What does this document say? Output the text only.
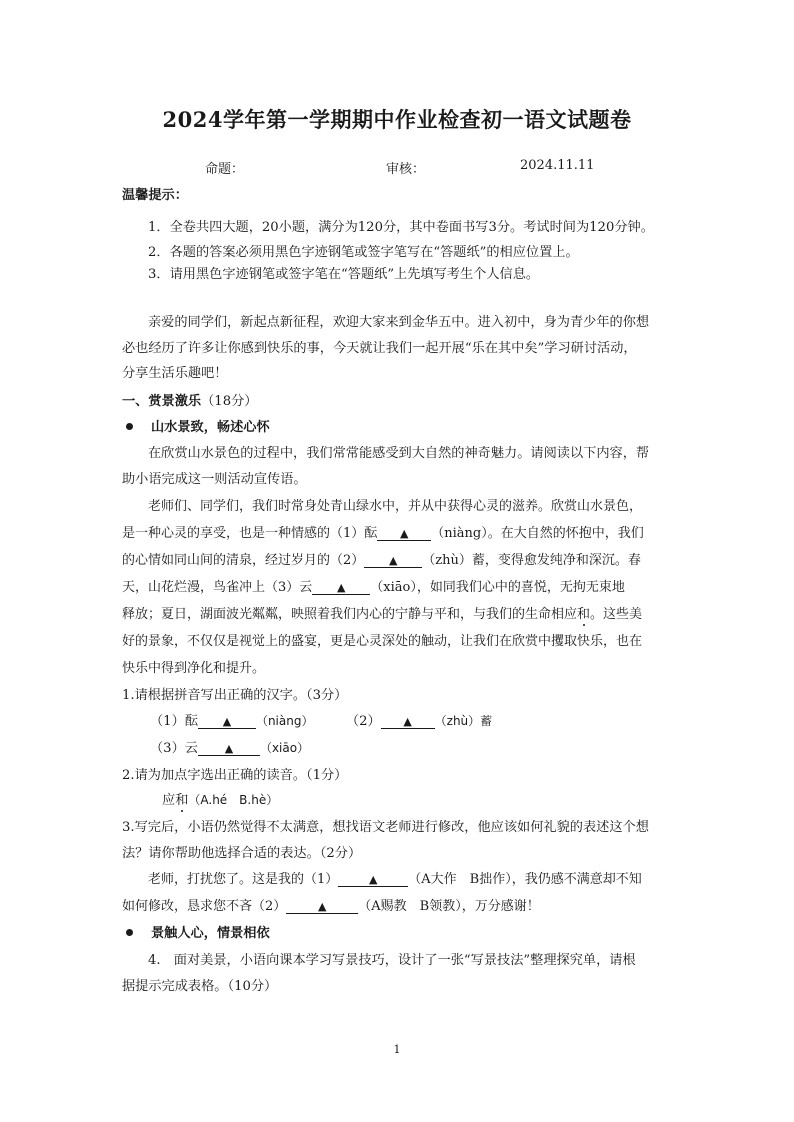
2024学年第一学期期中作业检查初一语文试题卷
命题：	审核：	2024.11.11
温馨提示：
1．全卷共四大题，20小题，满分为120分，其中卷面书写3分。考试时间为120分钟。
2．各题的答案必须用黑色字迹钢笔或签字笔写在“答题纸”的相应位置上。
3．请用黑色字迹钢笔或签字笔在“答题纸”上先填写考生个人信息。
亲爱的同学们，新起点新征程，欢迎大家来到金华五中。进入初中，身为青少年的你想
必也经历了许多让你感到快乐的事，今天就让我们一起开展“乐在其中矣”学习研讨活动，
分享生活乐趣吧！
一、赏景激乐（18分）
山水景致，畅述心怀
在欣赏山水景色的过程中，我们常常能感受到大自然的神奇魅力。请阅读以下内容，帮
助小语完成这一则活动宣传语。
老师们、同学们，我们时常身处青山绿水中，并从中获得心灵的滋养。欣赏山水景色，
是一种心灵的享受，也是一种情感的（1）酝 ▲ （niàng）。在大自然的怀抱中，我们
的心情如同山间的清泉，经过岁月的（2） ▲ （zhù）蓄，变得愈发纯净和深沉。春
天，山花烂漫，鸟雀冲上（3）云 ▲ （xiāo），如同我们心中的喜悦，无拘无束地
释放；夏日，湖面波光粼粼，映照着我们内心的宁静与平和，与我们的生命相应和。这些美
好的景象，不仅仅是视觉上的盛宴，更是心灵深处的触动，让我们在欣赏中攫取快乐，也在
快乐中得到净化和提升。
1.请根据拼音写出正确的汉字。（3分）
（1）酝 ▲ （niàng） （2） ▲ （zhù）蓄
（3）云 ▲ （xiāo）
2.请为加点字选出正确的读音。（1分）
应和（A.hé　B.hè）
3.写完后，小语仍然觉得不太满意，想找语文老师进行修改，他应该如何礼貌的表述这个想
法？请你帮助他选择合适的表达。（2分）
老师，打扰您了。这是我的（1）	▲ （A大作　B拙作），我仍感不满意却不知
如何修改，恳求您不吝（2）	▲ （A赐教　B领教），万分感谢！
景触人心，情景相依
4.　面对美景，小语向课本学习写景技巧，设计了一张“写景技法”整理探究单，请根
据提示完成表格。（10分）
1
